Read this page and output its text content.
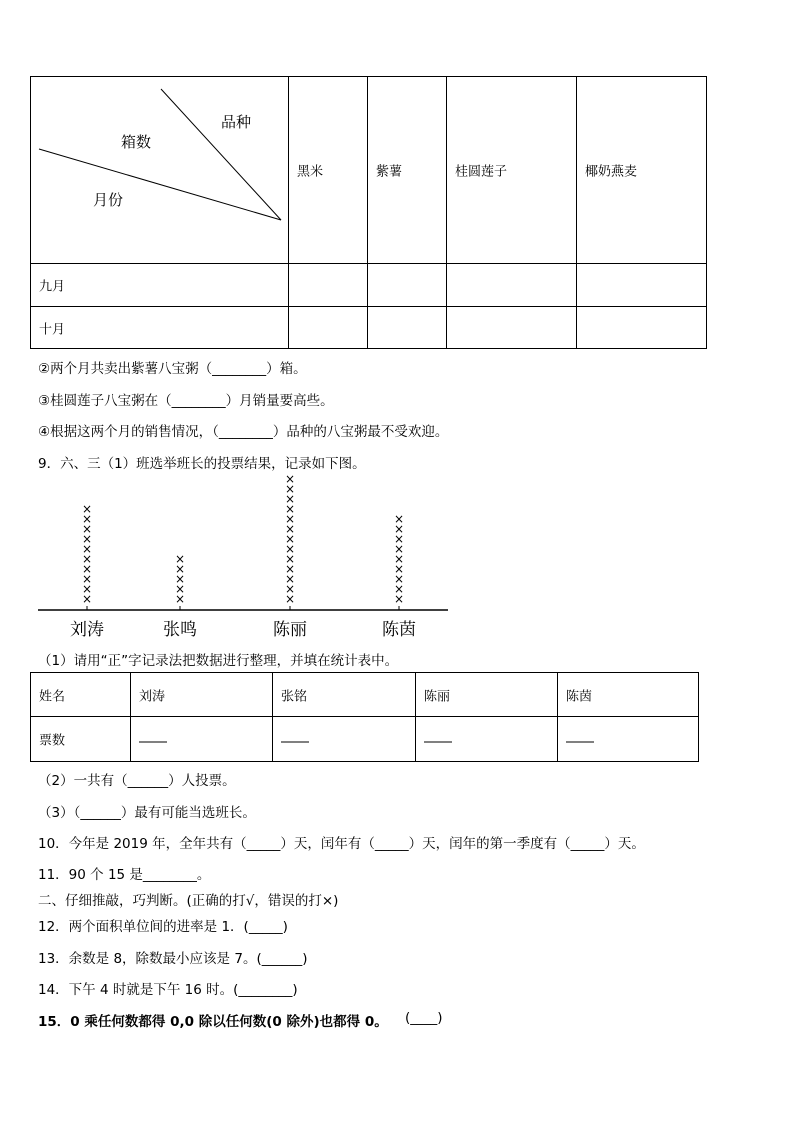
品种
箱数
月份
黑米	紫薯	桂圆莲子	椰奶燕麦
九月
十月
②两个月共卖出紫薯八宝粥（________）箱。
③桂圆莲子八宝粥在（________）月销量要高些。
④根据这两个月的销售情况，（________）品种的八宝粥最不受欢迎。
9．六、三（1）班选举班长的投票结果，记录如下图。
×
×
×
×
×
×
×
×
×
×
刘涛
×
×
×
×
×
张鸣
×
×
×
×
×
×
×
×
×
×
×
×
×
陈丽
×
×
×
×
×
×
×
×
×
陈茵
（1）请用“正”字记录法把数据进行整理，并填在统计表中。
姓名	刘涛	张铭	陈丽	陈茵
票数
（2）一共有（______）人投票。
（3）（______）最有可能当选班长。
10．今年是 2019 年，全年共有（_____）天，闰年有（_____）天，闰年的第一季度有（_____）天。
11．90 个 15 是________。
二、仔细推敲，巧判断。(正确的打√，错误的打×)
12．两个面积单位间的进率是 1．(_____)
13．余数是 8，除数最小应该是 7。(______)
14．下午 4 时就是下午 16 时。(________)
15．0 乘任何数都得 0,0 除以任何数(0 除外)也都得 0。 (____)
